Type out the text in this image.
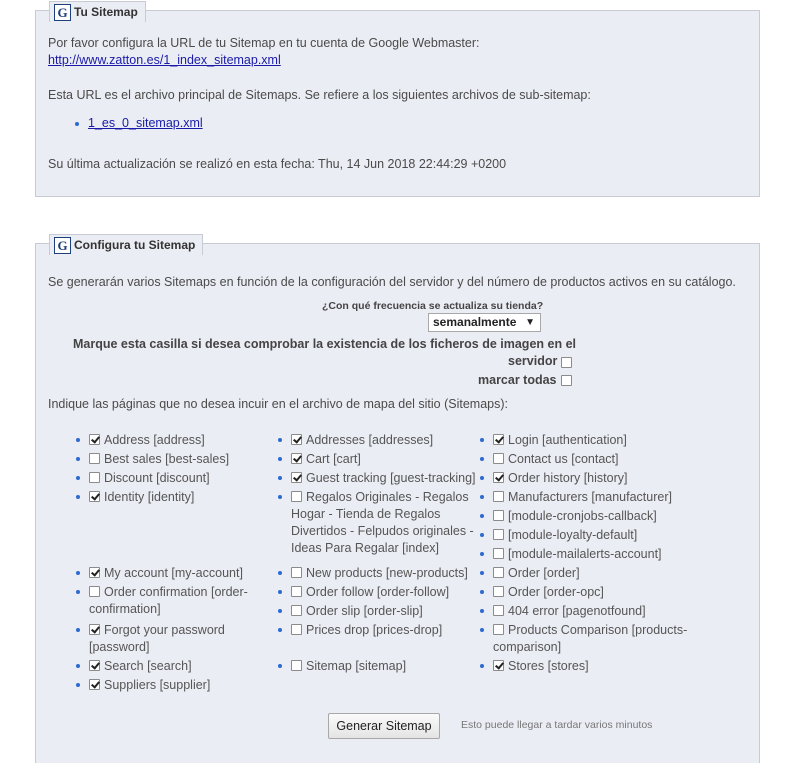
G Tu Sitemap
Por favor configura la URL de tu Sitemap en tu cuenta de Google Webmaster:
http://www.zatton.es/1_index_sitemap.xml
Esta URL es el archivo principal de Sitemaps. Se refiere a los siguientes archivos de sub-sitemap:
1_es_0_sitemap.xml
Su última actualización se realizó en esta fecha: Thu, 14 Jun 2018 22:44:29 +0200
G Configura tu Sitemap
Se generarán varios Sitemaps en función de la configuración del servidor y del número de productos activos en su catálogo.
¿Con qué frecuencia se actualiza su tienda?
semanalmente ▼
Marque esta casilla si desea comprobar la existencia de los ficheros de imagen en el
servidor
marcar todas
Indique las páginas que no desea incuir en el archivo de mapa del sitio (Sitemaps):
Address [address]
Best sales [best-sales]
Discount [discount]
Identity [identity]
My account [my-account]
Order confirmation [order-
confirmation]
Forgot your password
[password]
Search [search]
Suppliers [supplier]
Addresses [addresses]
Cart [cart]
Guest tracking [guest-tracking]
Regalos Originales - Regalos
Hogar - Tienda de Regalos
Divertidos - Felpudos originales -
Ideas Para Regalar [index]
New products [new-products]
Order follow [order-follow]
Order slip [order-slip]
Prices drop [prices-drop]
Sitemap [sitemap]
Login [authentication]
Contact us [contact]
Order history [history]
Manufacturers [manufacturer]
[module-cronjobs-callback]
[module-loyalty-default]
[module-mailalerts-account]
Order [order]
Order [order-opc]
404 error [pagenotfound]
Products Comparison [products-
comparison]
Stores [stores]
Generar Sitemap	Esto puede llegar a tardar varios minutos
